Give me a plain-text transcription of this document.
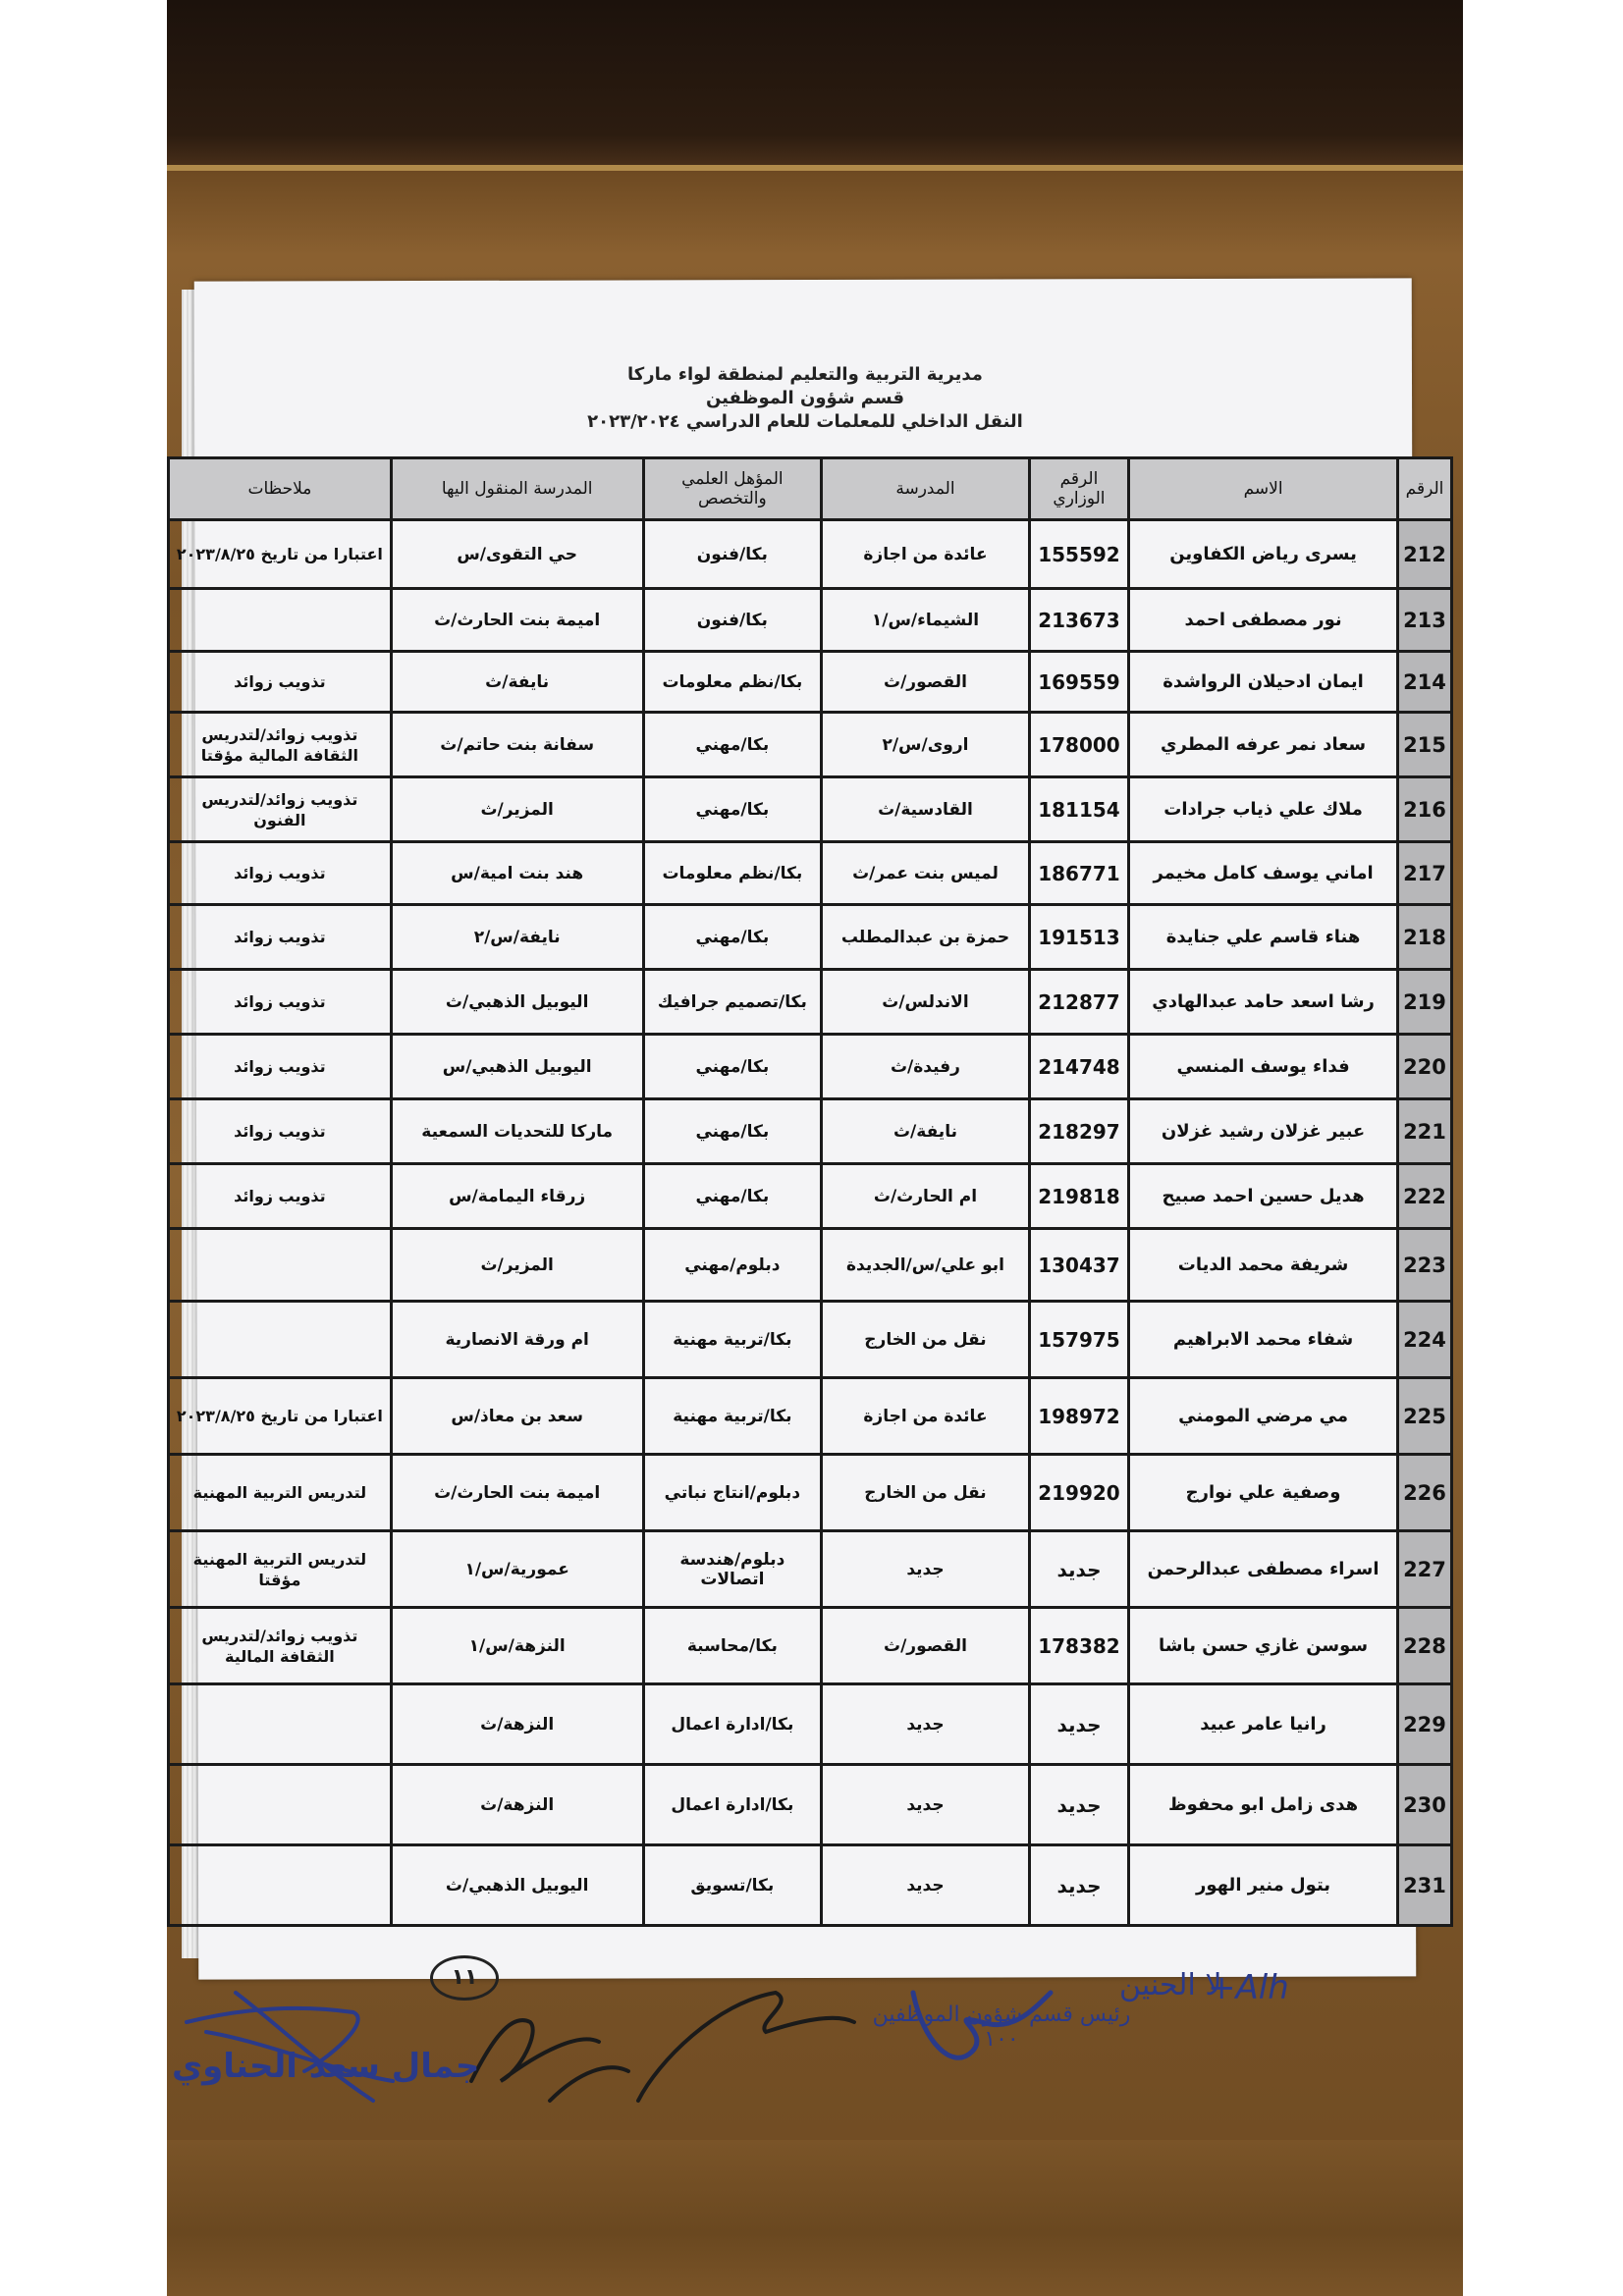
مديرية التربية والتعليم لمنطقة لواء ماركا
قسم شؤون الموظفين
النقل الداخلي للمعلمات للعام الدراسي ٢٠٢٣/٢٠٢٤
الرقم	الاسم	الرقم الوزاري	المدرسة	المؤهل العلمي والتخصص	المدرسة المنقول اليها	ملاحظات
212	يسرى رياض الكفاوين	155592	عائدة من اجازة	بكا/فنون	حي التقوى/س	اعتبارا من تاريخ ٢٠٢٣/٨/٢٥
213	نور مصطفى احمد	213673	الشيماء/س/١	بكا/فنون	اميمة بنت الحارث/ث	
214	ايمان ادحيلان الرواشدة	169559	القصور/ث	بكا/نظم معلومات	نايفة/ث	تذويب زوائد
215	سعاد نمر عرفه المطري	178000	اروى/س/٢	بكا/مهني	سفانة بنت حاتم/ث	تذويب زوائد/لتدريس الثقافة المالية مؤقتا
216	ملاك علي ذياب جرادات	181154	القادسية/ث	بكا/مهني	المزير/ث	تذويب زوائد/لتدريس الفنون
217	اماني يوسف كامل مخيمر	186771	لميس بنت عمر/ث	بكا/نظم معلومات	هند بنت امية/س	تذويب زوائد
218	هناء قاسم علي جنايدة	191513	حمزة بن عبدالمطلب	بكا/مهني	نايفة/س/٢	تذويب زوائد
219	رشا اسعد حامد عبدالهادي	212877	الاندلس/ث	بكا/تصميم جرافيك	اليوبيل الذهبي/ث	تذويب زوائد
220	فداء يوسف المنسي	214748	رفيدة/ث	بكا/مهني	اليوبيل الذهبي/س	تذويب زوائد
221	عبير غزلان رشيد غزلان	218297	نايفة/ث	بكا/مهني	ماركا للتحديات السمعية	تذويب زوائد
222	هديل حسين احمد صبيح	219818	ام الحارث/ث	بكا/مهني	زرقاء اليمامة/س	تذويب زوائد
223	شريفة محمد الديات	130437	ابو علي/س/الجديدة	دبلوم/مهني	المزير/ث	
224	شفاء محمد الابراهيم	157975	نقل من الخارج	بكا/تربية مهنية	ام ورقة الانصارية	
225	مي مرضي المومني	198972	عائدة من اجازة	بكا/تربية مهنية	سعد بن معاذ/س	اعتبارا من تاريخ ٢٠٢٣/٨/٢٥
226	وصفية علي نوارج	219920	نقل من الخارج	دبلوم/انتاج نباتي	اميمة بنت الحارث/ث	لتدريس التربية المهنية
227	اسراء مصطفى عبدالرحمن	جديد	جديد	دبلوم/هندسة اتصالات	عمورية/س/١	لتدريس التربية المهنية مؤقتا
228	سوسن غازي حسن باشا	178382	القصور/ث	بكا/محاسبة	النزهة/س/١	تذويب زوائد/لتدريس الثقافة المالية
229	رانيا عامر عبيد	جديد	جديد	بكا/ادارة اعمال	النزهة/ث	
230	هدى زامل ابو محفوظ	جديد	جديد	بكا/ادارة اعمال	النزهة/ث	
231	بتول منير الهور	جديد	جديد	بكا/تسويق	اليوبيل الذهبي/ث	
١١
جمال سعد الحناوي
رئيس قسم شؤون الموظفين
١٠٠
لا الحنين
+Alh
